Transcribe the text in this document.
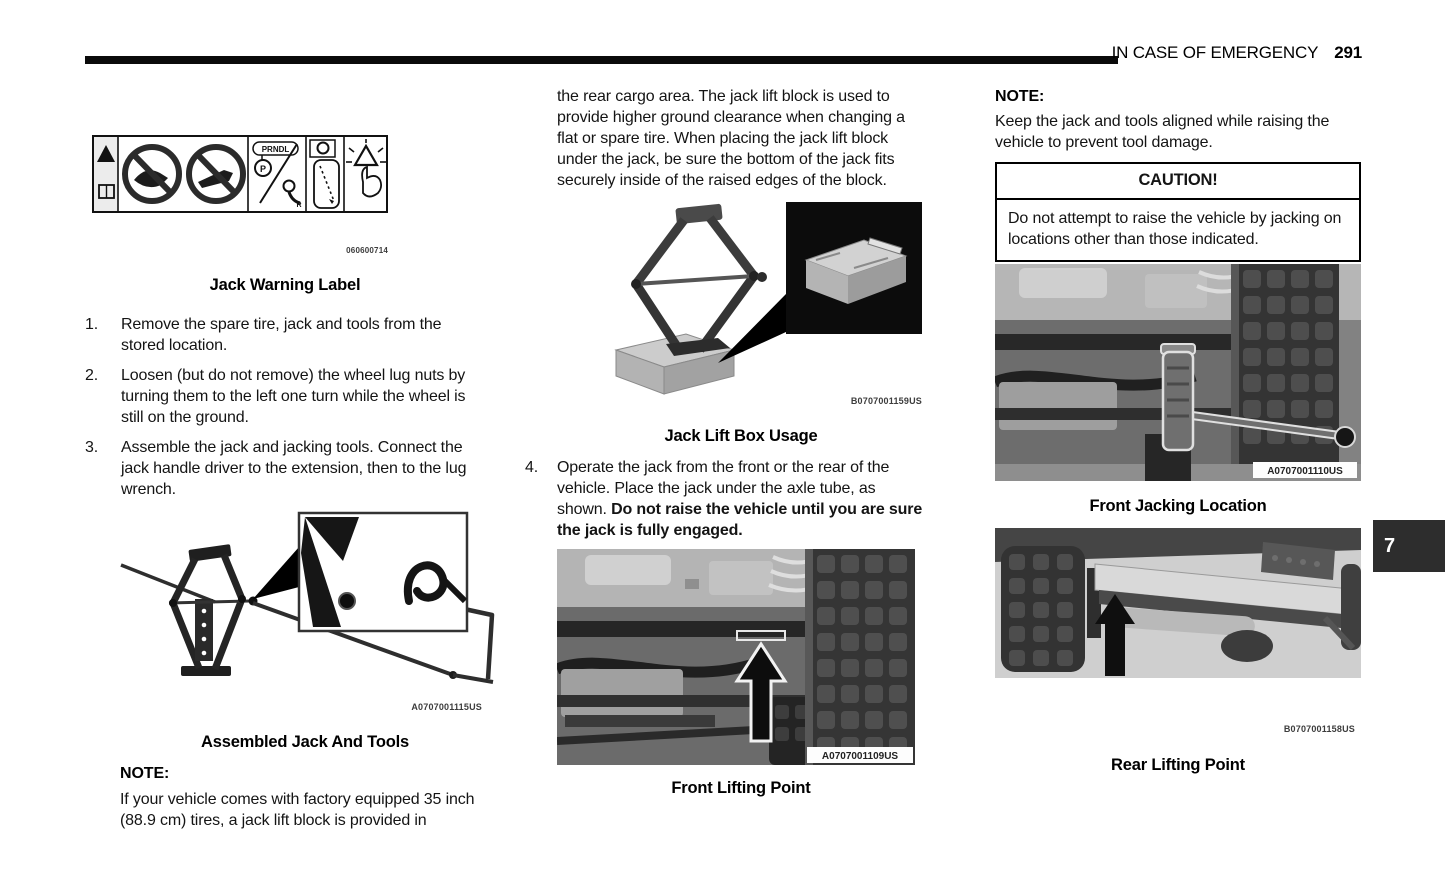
IN CASE OF EMERGENCY 291
7
PRNDL
P
R
060600714
Jack Warning Label
1.	Remove the spare tire, jack and tools from the stored location.
2.	Loosen (but do not remove) the wheel lug nuts by turning them to the left one turn while the wheel is still on the ground.
3.	Assemble the jack and jacking tools. Connect the jack handle driver to the extension, then to the lug wrench.
A0707001115US
Assembled Jack And Tools
NOTE:
If your vehicle comes with factory equipped 35 inch (88.9 cm) tires, a jack lift block is provided in
the rear cargo area. The jack lift block is used to provide higher ground clearance when changing a flat or spare tire. When placing the jack lift block under the jack, be sure the bottom of the jack fits securely inside of the raised edges of the block.
B0707001159US
Jack Lift Box Usage
4.	Operate the jack from the front or the rear of the vehicle. Place the jack under the axle tube, as shown. Do not raise the vehicle until you are sure the jack is fully engaged.
A0707001109US
Front Lifting Point
NOTE:
Keep the jack and tools aligned while raising the vehicle to prevent tool damage.
CAUTION!
Do not attempt to raise the vehicle by jacking on locations other than those indicated.
A0707001110US
Front Jacking Location
B0707001158US
Rear Lifting Point
